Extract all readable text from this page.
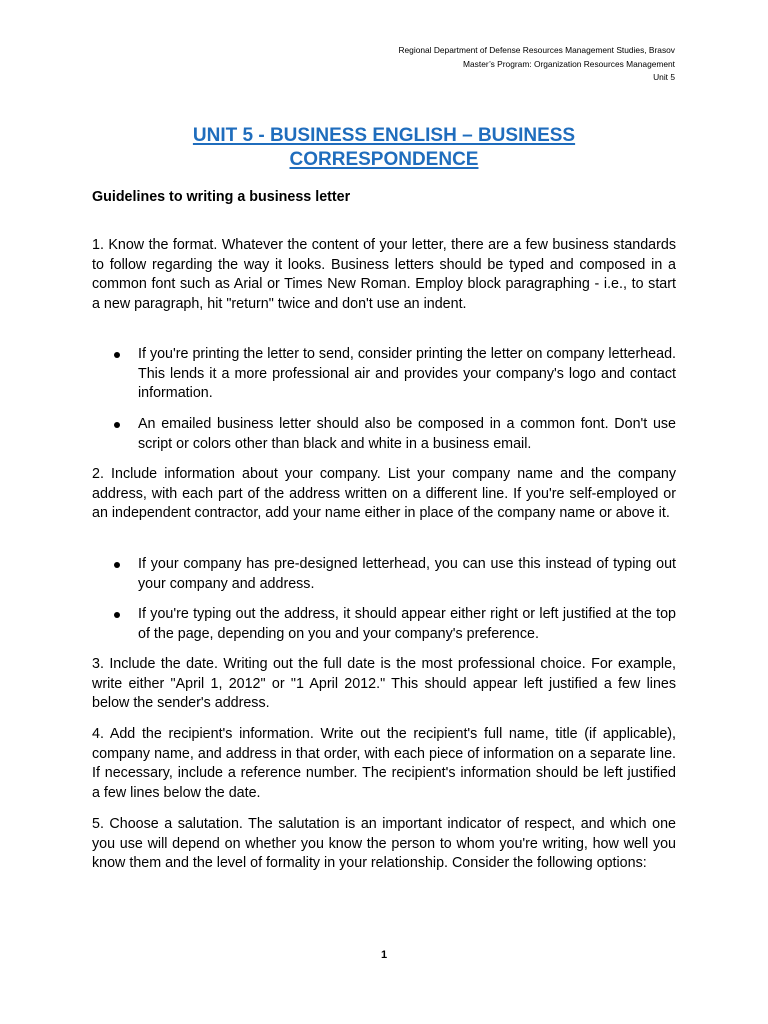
Regional Department of Defense Resources Management Studies, Brasov
Master’s Program: Organization Resources Management
Unit 5
UNIT 5 - BUSINESS ENGLISH – BUSINESS
CORRESPONDENCE
Guidelines to writing a business letter
1. Know the format. Whatever the content of your letter, there are a few business standards to follow regarding the way it looks. Business letters should be typed and composed in a common font such as Arial or Times New Roman. Employ block paragraphing - i.e., to start a new paragraph, hit "return" twice and don't use an indent.
If you're printing the letter to send, consider printing the letter on company letterhead. This lends it a more professional air and provides your company's logo and contact information.
An emailed business letter should also be composed in a common font. Don't use script or colors other than black and white in a business email.
2. Include information about your company. List your company name and the company address, with each part of the address written on a different line. If you're self-employed or an independent contractor, add your name either in place of the company name or above it.
If your company has pre-designed letterhead, you can use this instead of typing out your company and address.
If you're typing out the address, it should appear either right or left justified at the top of the page, depending on you and your company's preference.
3. Include the date. Writing out the full date is the most professional choice. For example, write either "April 1, 2012" or "1 April 2012." This should appear left justified a few lines below the sender's address.
4. Add the recipient's information. Write out the recipient's full name, title (if applicable), company name, and address in that order, with each piece of information on a separate line. If necessary, include a reference number. The recipient's information should be left justified a few lines below the date.
5. Choose a salutation. The salutation is an important indicator of respect, and which one you use will depend on whether you know the person to whom you're writing, how well you know them and the level of formality in your relationship. Consider the following options:
1
